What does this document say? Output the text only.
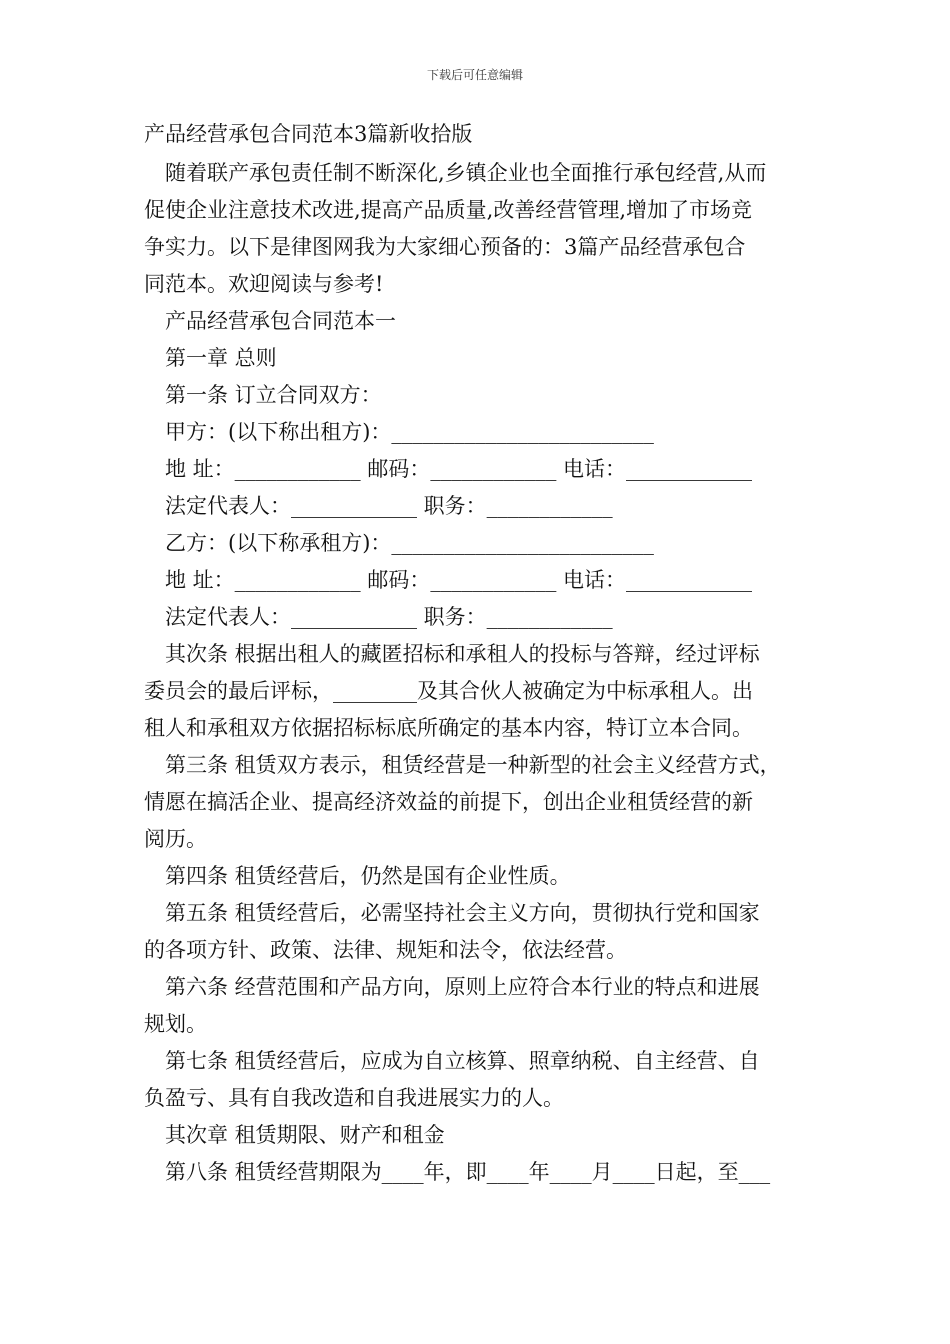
下载后可任意编辑
产品经营承包合同范本3篇新收拾版
随着联产承包责任制不断深化,乡镇企业也全面推行承包经营,从而
促使企业注意技术改进,提高产品质量,改善经营管理,增加了市场竞
争实力。以下是律图网我为大家细心预备的：3篇产品经营承包合
同范本。欢迎阅读与参考!
产品经营承包合同范本一
第一章 总则
第一条 订立合同双方：
甲方：(以下称出租方)：_________________________
地 址：____________ 邮码：____________ 电话：____________
法定代表人：____________ 职务：____________
乙方：(以下称承租方)：_________________________
地 址：____________ 邮码：____________ 电话：____________
法定代表人：____________ 职务：____________
其次条 根据出租人的藏匿招标和承租人的投标与答辩，经过评标
委员会的最后评标，________及其合伙人被确定为中标承租人。出
租人和承租双方依据招标标底所确定的基本内容，特订立本合同。
第三条 租赁双方表示，租赁经营是一种新型的社会主义经营方式，
情愿在搞活企业、提高经济效益的前提下，创出企业租赁经营的新
阅历。
第四条 租赁经营后，仍然是国有企业性质。
第五条 租赁经营后，必需坚持社会主义方向，贯彻执行党和国家
的各项方针、政策、法律、规矩和法令，依法经营。
第六条 经营范围和产品方向，原则上应符合本行业的特点和进展
规划。
第七条 租赁经营后，应成为自立核算、照章纳税、自主经营、自
负盈亏、具有自我改造和自我进展实力的人。
其次章 租赁期限、财产和租金
第八条 租赁经营期限为____年，即____年____月____日起，至___
